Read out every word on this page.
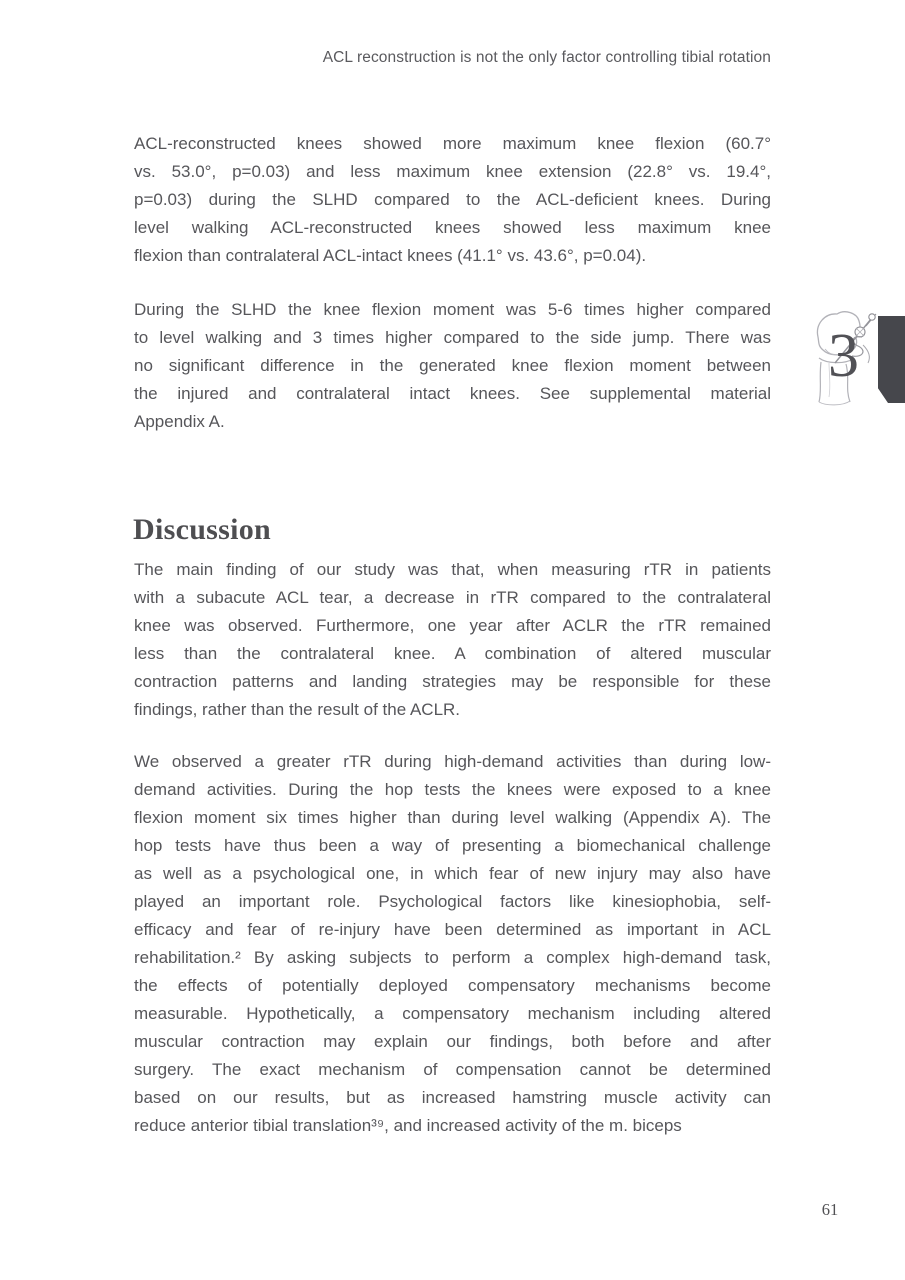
ACL reconstruction is not the only factor controlling tibial rotation
ACL-reconstructed knees showed more maximum knee flexion (60.7°
vs. 53.0°, p=0.03) and less maximum knee extension (22.8° vs. 19.4°,
p=0.03) during the SLHD compared to the ACL-deficient knees. During
level walking ACL-reconstructed knees showed less maximum knee
flexion than contralateral ACL-intact knees (41.1° vs. 43.6°, p=0.04).
During the SLHD the knee flexion moment was 5-6 times higher compared
to level walking and 3 times higher compared to the side jump. There was
no significant difference in the generated knee flexion moment between
the injured and contralateral intact knees. See supplemental material
Appendix A.
Discussion
The main finding of our study was that, when measuring rTR in patients
with a subacute ACL tear, a decrease in rTR compared to the contralateral
knee was observed. Furthermore, one year after ACLR the rTR remained
less than the contralateral knee. A combination of altered muscular
contraction patterns and landing strategies may be responsible for these
findings, rather than the result of the ACLR.
We observed a greater rTR during high-demand activities than during low-
demand activities. During the hop tests the knees were exposed to a knee
flexion moment six times higher than during level walking (Appendix A). The
hop tests have thus been a way of presenting a biomechanical challenge
as well as a psychological one, in which fear of new injury may also have
played an important role. Psychological factors like kinesiophobia, self-
efficacy and fear of re-injury have been determined as important in ACL
rehabilitation.² By asking subjects to perform a complex high-demand task,
the effects of potentially deployed compensatory mechanisms become
measurable. Hypothetically, a compensatory mechanism including altered
muscular contraction may explain our findings, both before and after
surgery. The exact mechanism of compensation cannot be determined
based on our results, but as increased hamstring muscle activity can
reduce anterior tibial translation³⁹, and increased activity of the m. biceps
3
61
